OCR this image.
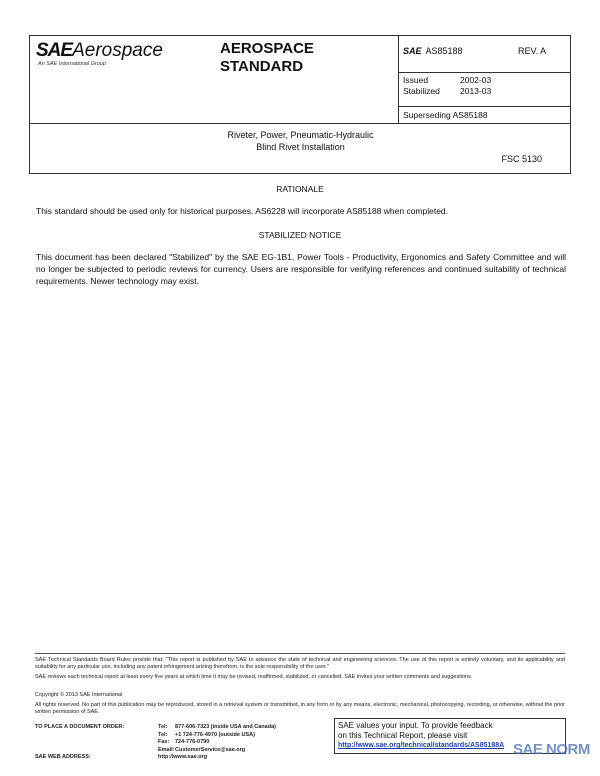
SAEAerospace
An SAE International Group
AEROSPACE
STANDARD
SAE AS85188	REV. A
Issued	2002-03
Stabilized	2013-03
Superseding AS85188
Riveter, Power, Pneumatic-Hydraulic
Blind Rivet Installation
FSC 5130
RATIONALE
This standard should be used only for historical purposes. AS6228 will incorporate AS85188 when completed.
STABILIZED NOTICE
This document has been declared "Stabilized" by the SAE EG-1B1, Power Tools - Productivity, Ergonomics and Safety Committee and will no longer be subjected to periodic reviews for currency. Users are responsible for verifying references and continued suitability of technical requirements. Newer technology may exist.
SAE Technical Standards Board Rules provide that: "This report is published by SAE to advance the state of technical and engineering sciences. The use of this report is entirely voluntary, and its applicability and suitability for any particular use, including any patent infringement arising therefrom, is the sole responsibility of the user."
SAE reviews each technical report at least every five years at which time it may be revised, reaffirmed, stabilized, or cancelled. SAE invites your written comments and suggestions.
Copyright © 2013 SAE International
All rights reserved. No part of this publication may be reproduced, stored in a retrieval system or transmitted, in any form or by any means, electronic, mechanical, photocopying, recording, or otherwise, without the prior written permission of SAE.
TO PLACE A DOCUMENT ORDER:	Tel:	877-606-7323 (inside USA and Canada)
Tel:	+1 724-776-4970 (outside USA)
Fax:	724-776-0790
Email: CustomerService@sae.org
SAE WEB ADDRESS:	http://www.sae.org
SAE values your input. To provide feedback
on this Technical Report, please visit
http://www.sae.org/technical/standards/AS85188A SAE NORM
